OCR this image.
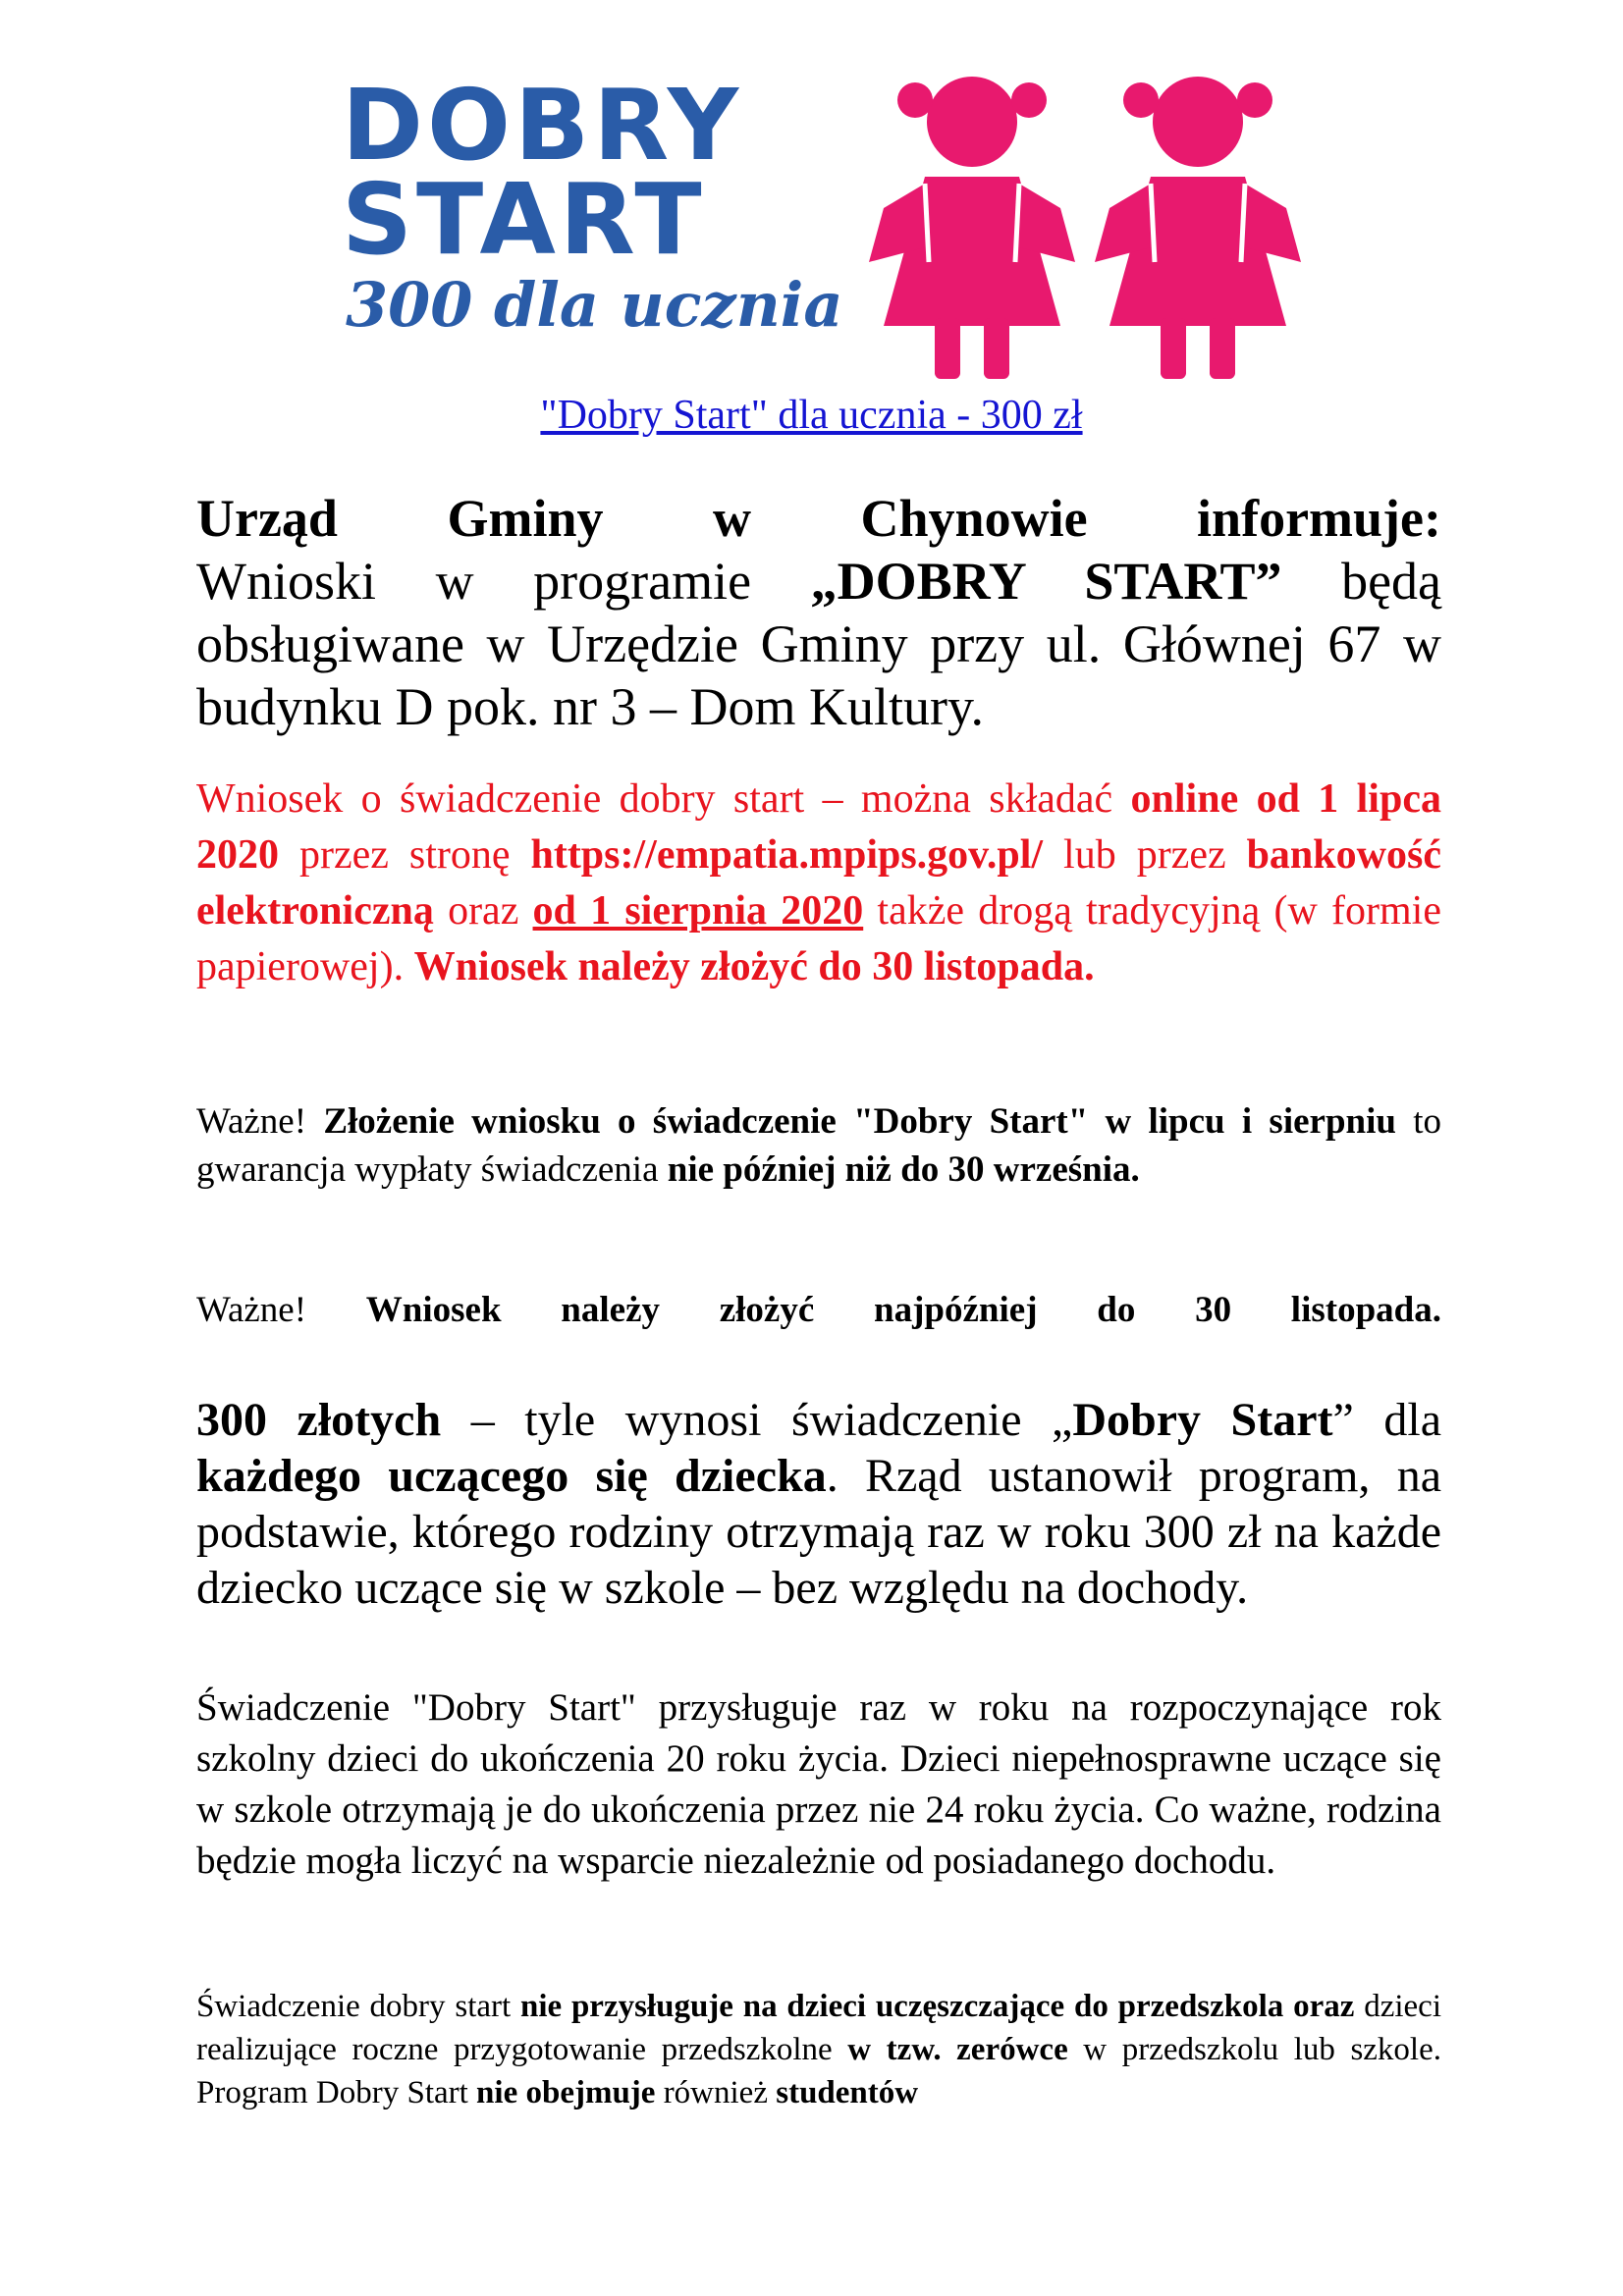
DOBRY
START
300 dla ucznia
"Dobry Start" dla ucznia - 300 zł

Urząd Gminy w Chynowie informuje:
Wnioski w programie „DOBRY START” będą obsługiwane w Urzędzie Gminy przy ul. Głównej 67 w budynku D pok. nr 3 – Dom Kultury.

Wniosek o świadczenie dobry start – można składać online od 1 lipca 2020 przez stronę https://empatia.mpips.gov.pl/ lub przez bankowość elektroniczną oraz od 1 sierpnia 2020 także drogą tradycyjną (w formie papierowej). Wniosek należy złożyć do 30 listopada.

Ważne! Złożenie wniosku o świadczenie "Dobry Start" w lipcu i sierpniu to gwarancja wypłaty świadczenia nie później niż do 30 września.

Ważne! Wniosek należy złożyć najpóźniej do 30 listopada.

300 złotych – tyle wynosi świadczenie „Dobry Start” dla każdego uczącego się dziecka. Rząd ustanowił program, na podstawie, którego rodziny otrzymają raz w roku 300 zł na każde dziecko uczące się w szkole – bez względu na dochody.

Świadczenie "Dobry Start" przysługuje raz w roku na rozpoczynające rok szkolny dzieci do ukończenia 20 roku życia. Dzieci niepełnosprawne uczące się w szkole otrzymają je do ukończenia przez nie 24 roku życia. Co ważne, rodzina będzie mogła liczyć na wsparcie niezależnie od posiadanego dochodu.

Świadczenie dobry start nie przysługuje na dzieci uczęszczające do przedszkola oraz dzieci realizujące roczne przygotowanie przedszkolne w tzw. zerówce w przedszkolu lub szkole. Program Dobry Start nie obejmuje również studentów
